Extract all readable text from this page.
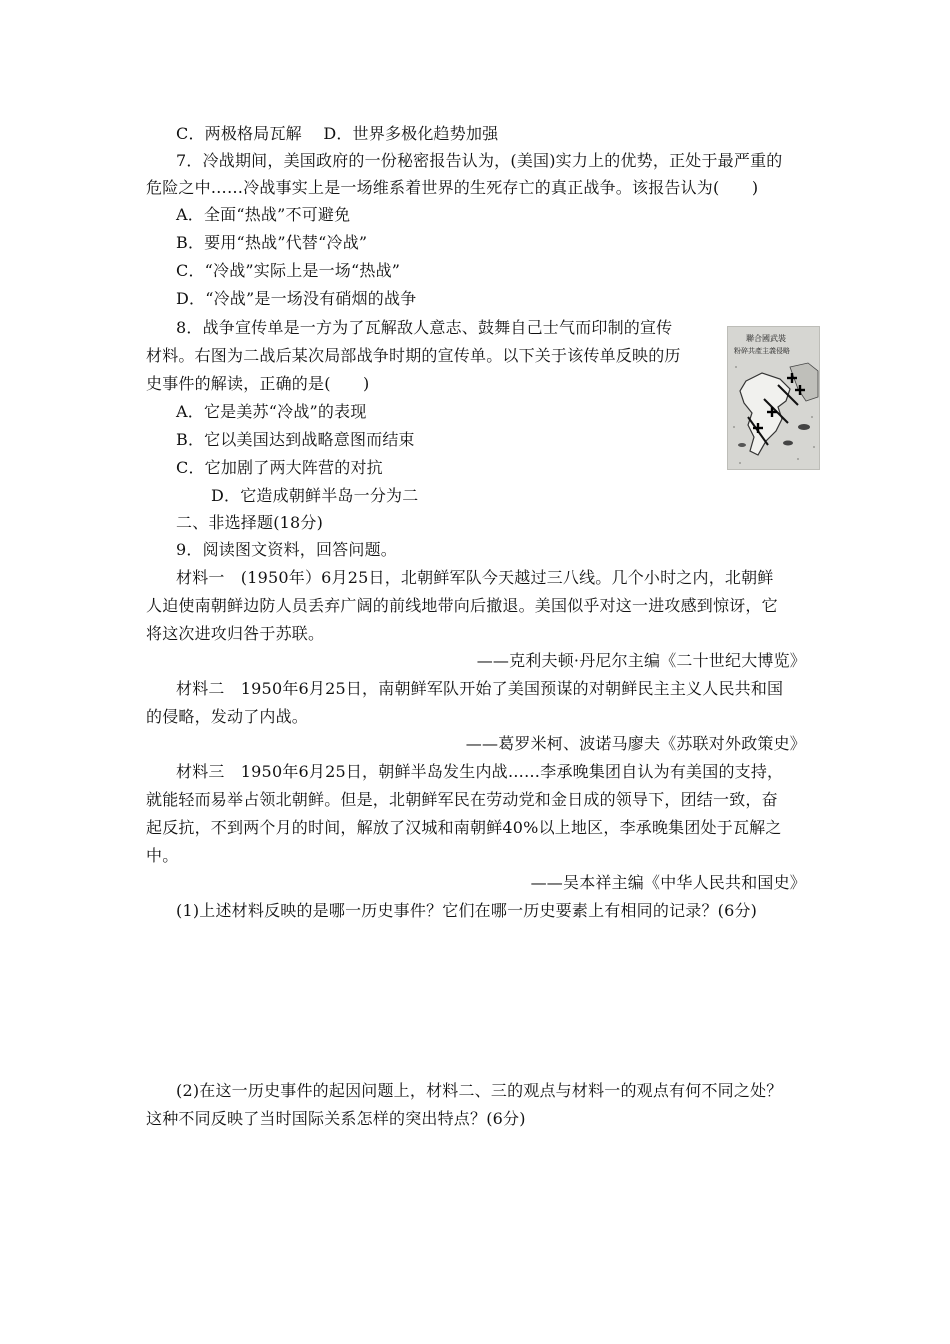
C．两极格局瓦解　 D．世界多极化趋势加强
7．冷战期间，美国政府的一份秘密报告认为，(美国)实力上的优势，正处于最严重的
危险之中……冷战事实上是一场维系着世界的生死存亡的真正战争。该报告认为(　　)
A．全面“热战”不可避免
B．要用“热战”代替“冷战”
C．“冷战”实际上是一场“热战”
D．“冷战”是一场没有硝烟的战争
8．战争宣传单是一方为了瓦解敌人意志、鼓舞自己士气而印制的宣传
材料。右图为二战后某次局部战争时期的宣传单。以下关于该传单反映的历
史事件的解读，正确的是(　　)
A．它是美苏“冷战”的表现
B．它以美国达到战略意图而结束
C．它加剧了两大阵营的对抗
D．它造成朝鲜半岛一分为二
聯合國武裝
粉碎共產主義侵略
二、非选择题(18分)
9．阅读图文资料，回答问题。
材料一　(1950年）6月25日，北朝鲜军队今天越过三八线。几个小时之内，北朝鲜
人迫使南朝鲜边防人员丢弃广阔的前线地带向后撤退。美国似乎对这一进攻感到惊讶，它
将这次进攻归咎于苏联。
——克利夫顿·丹尼尔主编《二十世纪大博览》
材料二　1950年6月25日，南朝鲜军队开始了美国预谋的对朝鲜民主主义人民共和国
的侵略，发动了内战。
——葛罗米柯、波诺马廖夫《苏联对外政策史》
材料三　1950年6月25日，朝鲜半岛发生内战……李承晚集团自认为有美国的支持，
就能轻而易举占领北朝鲜。但是，北朝鲜军民在劳动党和金日成的领导下，团结一致，奋
起反抗，不到两个月的时间，解放了汉城和南朝鲜40%以上地区，李承晚集团处于瓦解之
中。
——吴本祥主编《中华人民共和国史》
(1)上述材料反映的是哪一历史事件？它们在哪一历史要素上有相同的记录？(6分)
(2)在这一历史事件的起因问题上，材料二、三的观点与材料一的观点有何不同之处？
这种不同反映了当时国际关系怎样的突出特点？(6分)
